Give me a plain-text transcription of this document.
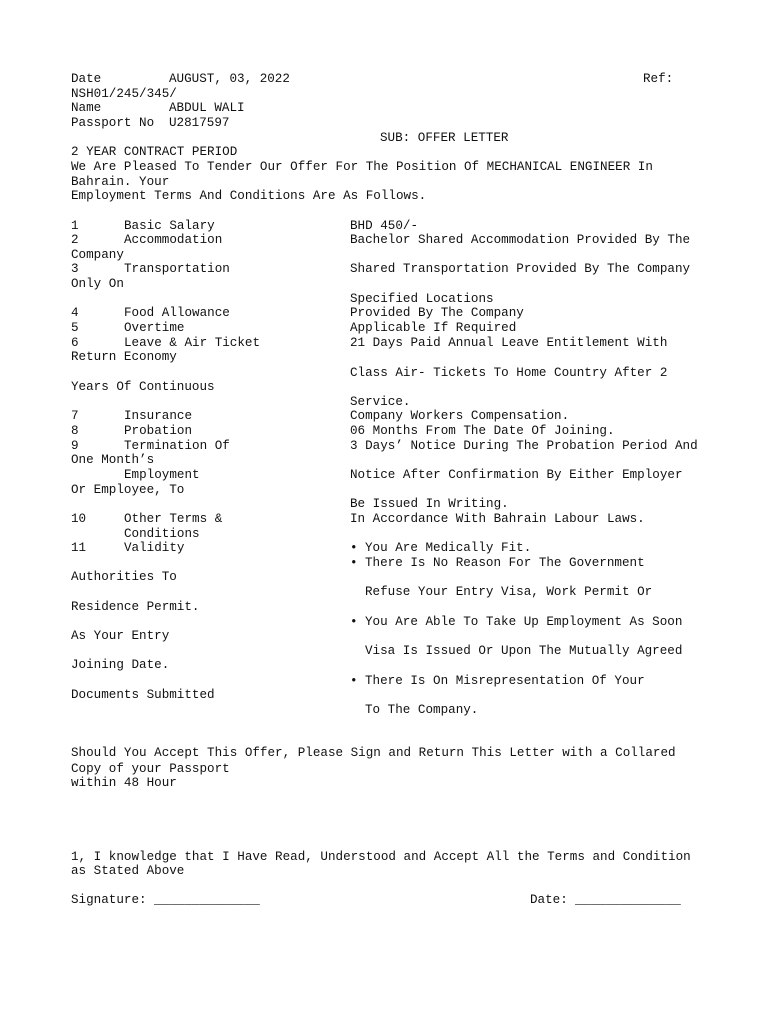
Date	AUGUST, 03, 2022	Ref:
NSH01/245/345/
Name	ABDUL WALI
Passport No U2817597
SUB: OFFER LETTER
2 YEAR CONTRACT PERIOD
We Are Pleased To Tender Our Offer For The Position Of MECHANICAL ENGINEER In
Bahrain. Your
Employment Terms And Conditions Are As Follows.
1	Basic Salary	BHD 450/-
2	Accommodation	Bachelor Shared Accommodation Provided By The
Company
3	Transportation	Shared Transportation Provided By The Company
Only On
Specified Locations
4	Food Allowance	Provided By The Company
5	Overtime	Applicable If Required
6	Leave & Air Ticket	21 Days Paid Annual Leave Entitlement With
Return Economy
Class Air- Tickets To Home Country After 2
Years Of Continuous
Service.
7	Insurance	Company Workers Compensation.
8	Probation	06 Months From The Date Of Joining.
9	Termination Of	3 Days’ Notice During The Probation Period And
One Month’s
Employment	Notice After Confirmation By Either Employer
Or Employee, To
Be Issued In Writing.
10	Other Terms &	In Accordance With Bahrain Labour Laws.
Conditions
11	Validity	• You Are Medically Fit.
• There Is No Reason For The Government
Authorities To
Refuse Your Entry Visa, Work Permit Or
Residence Permit.
• You Are Able To Take Up Employment As Soon
As Your Entry
Visa Is Issued Or Upon The Mutually Agreed
Joining Date.
• There Is On Misrepresentation Of Your
Documents Submitted
To The Company.
Should You Accept This Offer, Please Sign and Return This Letter with a Collared
Copy of your Passport
within 48 Hour
1, I knowledge that I Have Read, Understood and Accept All the Terms and Condition
as Stated Above
Signature: ______________	Date: ______________
